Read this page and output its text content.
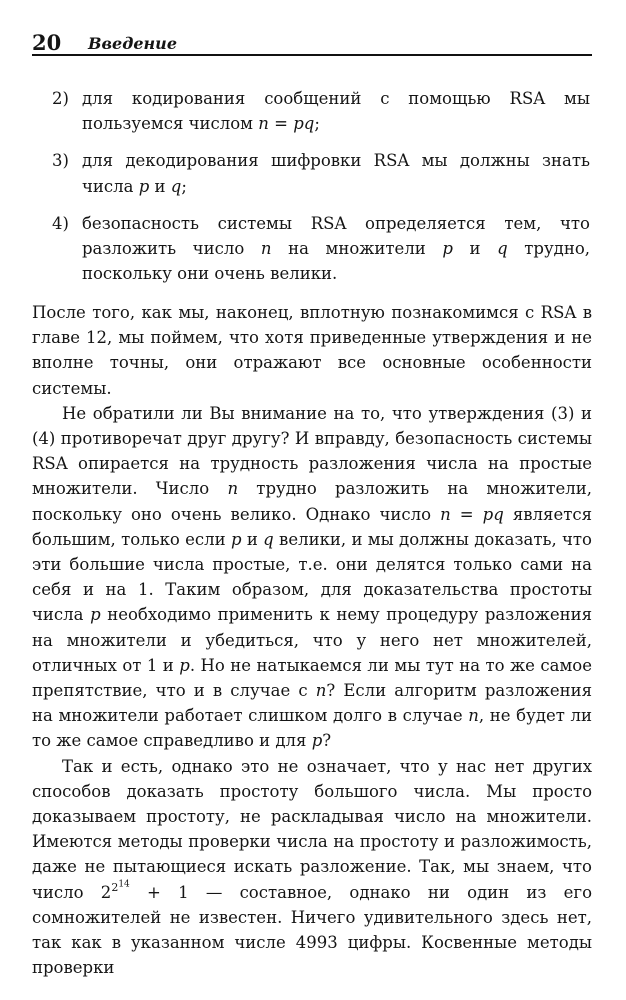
20 Введение
2) для кодирования сообщений с помощью RSA мы пользуемся числом n = pq;
3) для декодирования шифровки RSA мы должны знать числа p и q;
4) безопасность системы RSA определяется тем, что разложить число n на множители p и q трудно, поскольку они очень велики.

После того, как мы, наконец, вплотную познакомимся с RSA в главе 12, мы поймем, что хотя приведенные утверждения и не вполне точны, они отражают все основные особенности системы.

Не обратили ли Вы внимание на то, что утверждения (3) и (4) противоречат друг другу? И вправду, безопасность системы RSA опирается на трудность разложения числа на простые множители. Число n трудно разложить на множители, поскольку оно очень велико. Однако число n = pq является большим, только если p и q велики, и мы должны доказать, что эти большие числа простые, т.е. они делятся только сами на себя и на 1. Таким образом, для доказательства простоты числа p необходимо применить к нему процедуру разложения на множители и убедиться, что у него нет множителей, отличных от 1 и p. Но не натыкаемся ли мы тут на то же самое препятствие, что и в случае с n? Если алгоритм разложения на множители работает слишком долго в случае n, не будет ли то же самое справедливо и для p?

Так и есть, однако это не означает, что у нас нет других способов доказать простоту большого числа. Мы просто доказываем простоту, не раскладывая число на множители. Имеются методы проверки числа на простоту и разложимость, даже не пытающиеся искать разложение. Так, мы знаем, что число $2^{2^{14}} + 1$ — составное, однако ни один из его сомножителей не известен. Ничего удивительного здесь нет, так как в указанном числе 4993 цифры. Косвенные методы проверки
